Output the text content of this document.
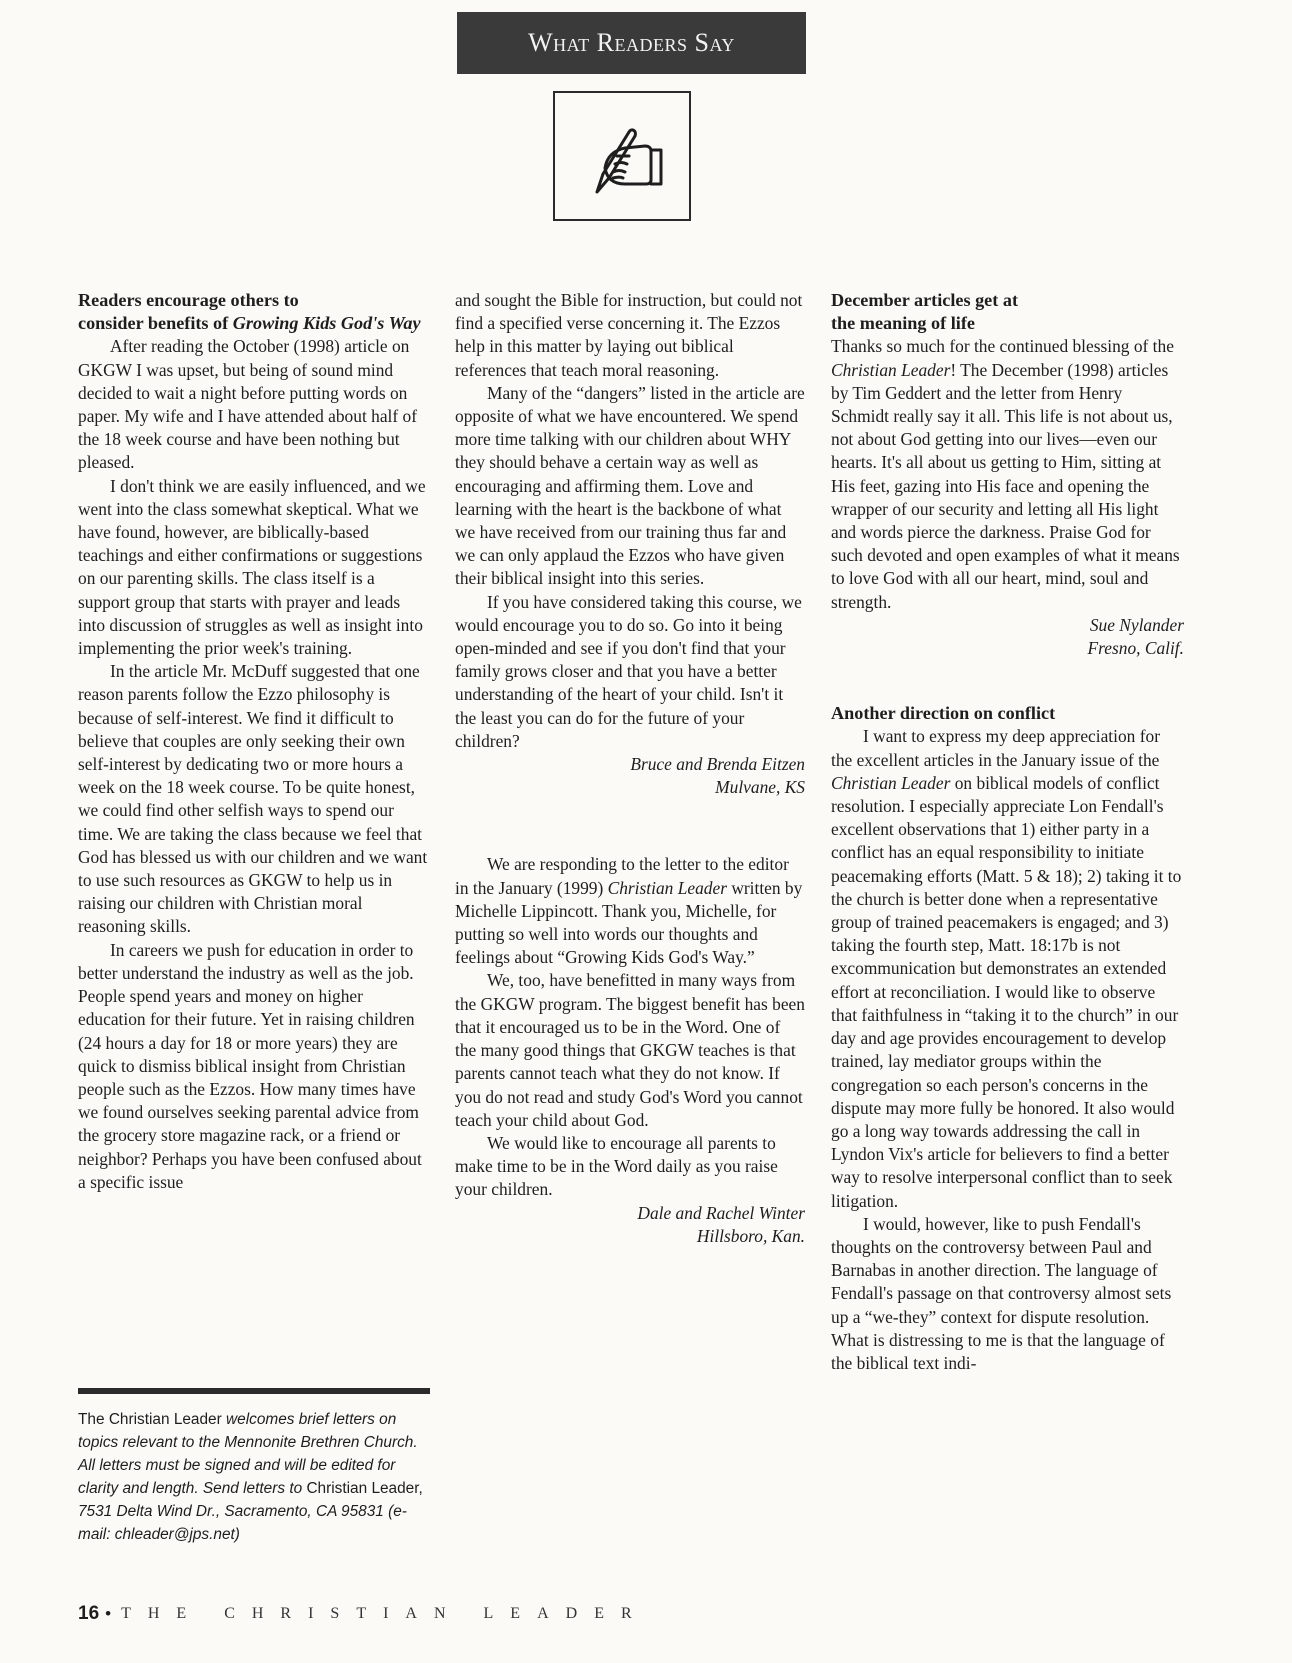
What Readers Say
Readers encourage others to
consider benefits of Growing Kids God's Way

After reading the October (1998) article on GKGW I was upset, but being of sound mind decided to wait a night before putting words on paper. My wife and I have attended about half of the 18 week course and have been nothing but pleased.

I don't think we are easily influenced, and we went into the class somewhat skeptical. What we have found, however, are biblically-based teachings and either confirmations or suggestions on our parenting skills. The class itself is a support group that starts with prayer and leads into discussion of struggles as well as insight into implementing the prior week's training.

In the article Mr. McDuff suggested that one reason parents follow the Ezzo philosophy is because of self-interest. We find it difficult to believe that couples are only seeking their own self-interest by dedicating two or more hours a week on the 18 week course. To be quite honest, we could find other selfish ways to spend our time. We are taking the class because we feel that God has blessed us with our children and we want to use such resources as GKGW to help us in raising our children with Christian moral reasoning skills.

In careers we push for education in order to better understand the industry as well as the job. People spend years and money on higher education for their future. Yet in raising children (24 hours a day for 18 or more years) they are quick to dismiss biblical insight from Christian people such as the Ezzos. How many times have we found ourselves seeking parental advice from the grocery store magazine rack, or a friend or neighbor? Perhaps you have been confused about a specific issue

and sought the Bible for instruction, but could not find a specified verse concerning it. The Ezzos help in this matter by laying out biblical references that teach moral reasoning.

Many of the “dangers” listed in the article are opposite of what we have encountered. We spend more time talking with our children about WHY they should behave a certain way as well as encouraging and affirming them. Love and learning with the heart is the backbone of what we have received from our training thus far and we can only applaud the Ezzos who have given their biblical insight into this series.

If you have considered taking this course, we would encourage you to do so. Go into it being open-minded and see if you don't find that your family grows closer and that you have a better understanding of the heart of your child. Isn't it the least you can do for the future of your children?

Bruce and Brenda Eitzen

Mulvane, KS

We are responding to the letter to the editor in the January (1999) Christian Leader written by Michelle Lippincott. Thank you, Michelle, for putting so well into words our thoughts and feelings about “Growing Kids God's Way.”

We, too, have benefitted in many ways from the GKGW program. The biggest benefit has been that it encouraged us to be in the Word. One of the many good things that GKGW teaches is that parents cannot teach what they do not know. If you do not read and study God's Word you cannot teach your child about God.

We would like to encourage all parents to make time to be in the Word daily as you raise your children.

Dale and Rachel Winter

Hillsboro, Kan.

December articles get at
the meaning of life

Thanks so much for the continued blessing of the Christian Leader! The December (1998) articles by Tim Geddert and the letter from Henry Schmidt really say it all. This life is not about us, not about God getting into our lives—even our hearts. It's all about us getting to Him, sitting at His feet, gazing into His face and opening the wrapper of our security and letting all His light and words pierce the darkness. Praise God for such devoted and open examples of what it means to love God with all our heart, mind, soul and strength.

Sue Nylander

Fresno, Calif.

Another direction on conflict

I want to express my deep appreciation for the excellent articles in the January issue of the Christian Leader on biblical models of conflict resolution. I especially appreciate Lon Fendall's excellent observations that 1) either party in a conflict has an equal responsibility to initiate peacemaking efforts (Matt. 5 & 18); 2) taking it to the church is better done when a representative group of trained peacemakers is engaged; and 3) taking the fourth step, Matt. 18:17b is not excommunication but demonstrates an extended effort at reconciliation. I would like to observe that faithfulness in “taking it to the church” in our day and age provides encouragement to develop trained, lay mediator groups within the congregation so each person's concerns in the dispute may more fully be honored. It also would go a long way towards addressing the call in Lyndon Vix's article for believers to find a better way to resolve interpersonal conflict than to seek litigation.

I would, however, like to push Fendall's thoughts on the controversy between Paul and Barnabas in another direction. The language of Fendall's passage on that controversy almost sets up a “we-they” context for dispute resolution. What is distressing to me is that the language of the biblical text indi-

The Christian Leader welcomes brief letters on topics relevant to the Mennonite Brethren Church. All letters must be signed and will be edited for clarity and length. Send letters to Christian Leader, 7531 Delta Wind Dr., Sacramento, CA 95831 (e-mail: chleader@jps.net)
16 • THE CHRISTIAN LEADER
